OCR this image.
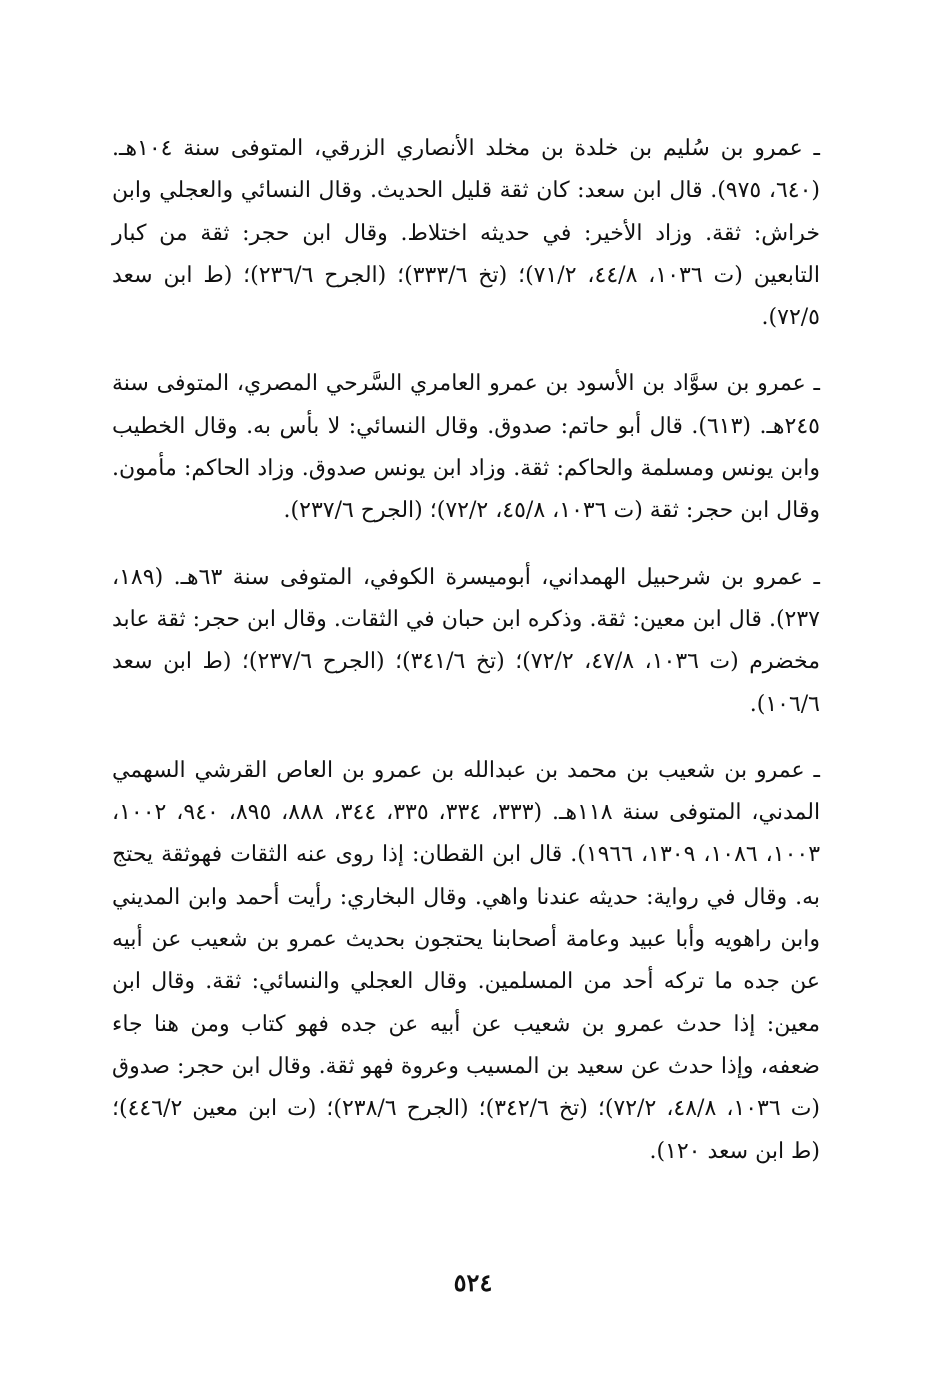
ـ عمرو بن سُليم بن خلدة بن مخلد الأنصاري الزرقي، المتوفى سنة ١٠٤هـ. (٦٤٠، ٩٧٥). قال ابن سعد: كان ثقة قليل الحديث. وقال النسائي والعجلي وابن خراش: ثقة. وزاد الأخير: في حديثه اختلاط. وقال ابن حجر: ثقة من كبار التابعين (ت ١٠٣٦، ٤٤/٨، ٧١/٢)؛ (تخ ٣٣٣/٦)؛ (الجرح ٢٣٦/٦)؛ (ط ابن سعد ٧٢/٥).

ـ عمرو بن سوَّاد بن الأسود بن عمرو العامري السَّرحي المصري، المتوفى سنة ٢٤٥هـ. (٦١٣). قال أبو حاتم: صدوق. وقال النسائي: لا بأس به. وقال الخطيب وابن يونس ومسلمة والحاكم: ثقة. وزاد ابن يونس صدوق. وزاد الحاكم: مأمون. وقال ابن حجر: ثقة (ت ١٠٣٦، ٤٥/٨، ٧٢/٢)؛ (الجرح ٢٣٧/٦).

ـ عمرو بن شرحبيل الهمداني، أبوميسرة الكوفي، المتوفى سنة ٦٣هـ. (١٨٩، ٢٣٧). قال ابن معين: ثقة. وذكره ابن حبان في الثقات. وقال ابن حجر: ثقة عابد مخضرم (ت ١٠٣٦، ٤٧/٨، ٧٢/٢)؛ (تخ ٣٤١/٦)؛ (الجرح ٢٣٧/٦)؛ (ط ابن سعد ١٠٦/٦).

ـ عمرو بن شعيب بن محمد بن عبدالله بن عمرو بن العاص القرشي السهمي المدني، المتوفى سنة ١١٨هـ. (٣٣٣، ٣٣٤، ٣٣٥، ٣٤٤، ٨٨٨، ٨٩٥، ٩٤٠، ١٠٠٢، ١٠٠٣، ١٠٨٦، ١٣٠٩، ١٩٦٦). قال ابن القطان: إذا روى عنه الثقات فهوثقة يحتج به. وقال في رواية: حديثه عندنا واهي. وقال البخاري: رأيت أحمد وابن المديني وابن راهويه وأبا عبيد وعامة أصحابنا يحتجون بحديث عمرو بن شعيب عن أبيه عن جده ما تركه أحد من المسلمين. وقال العجلي والنسائي: ثقة. وقال ابن معين: إذا حدث عمرو بن شعيب عن أبيه عن جده فهو كتاب ومن هنا جاء ضعفه، وإذا حدث عن سعيد بن المسيب وعروة فهو ثقة. وقال ابن حجر: صدوق (ت ١٠٣٦، ٤٨/٨، ٧٢/٢)؛ (تخ ٣٤٢/٦)؛ (الجرح ٢٣٨/٦)؛ (ت ابن معين ٤٤٦/٢)؛ (ط ابن سعد ١٢٠).

٥٢٤
